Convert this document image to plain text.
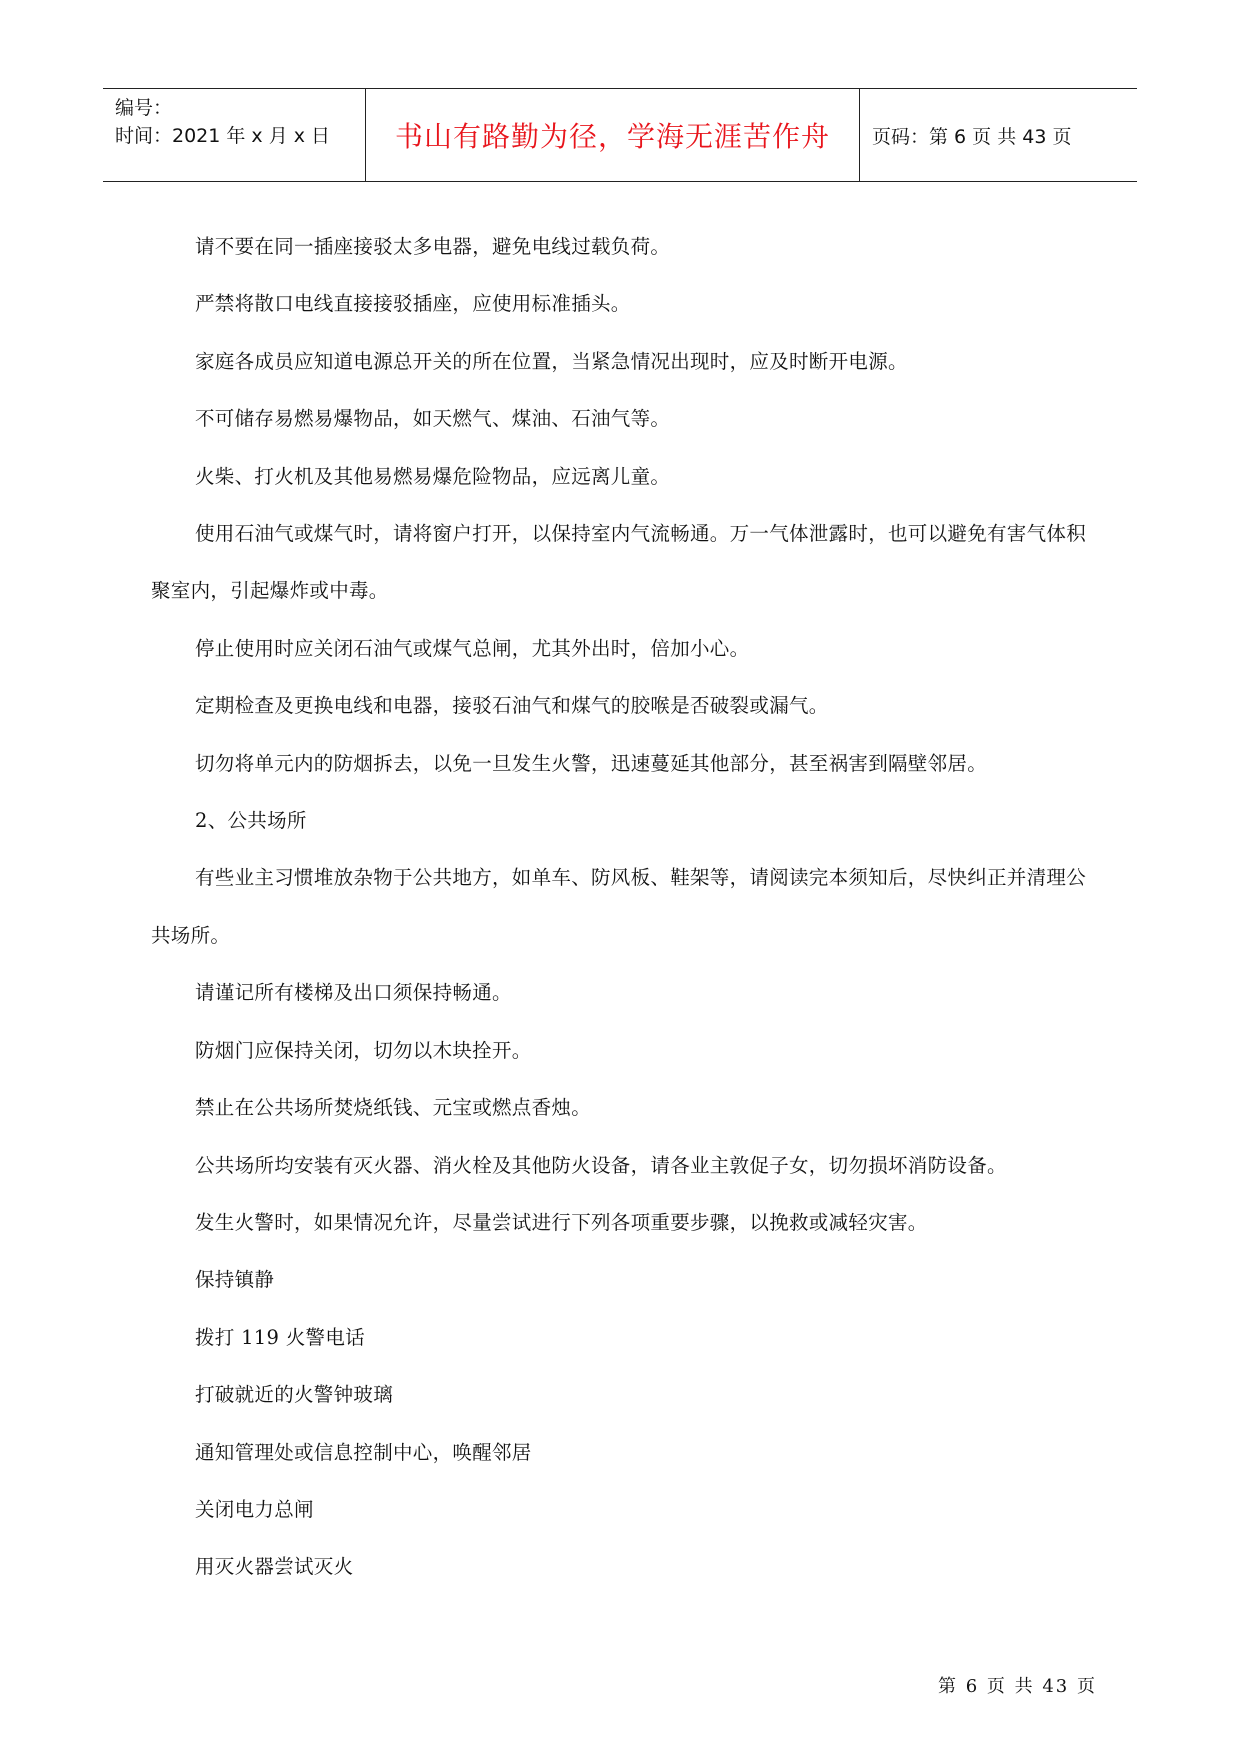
编号：
时间：2021 年 x 月 x 日 书山有路勤为径，学海无涯苦作舟 页码：第 6 页 共 43 页

请不要在同一插座接驳太多电器，避免电线过载负荷。

严禁将散口电线直接接驳插座，应使用标准插头。

家庭各成员应知道电源总开关的所在位置，当紧急情况出现时，应及时断开电源。

不可储存易燃易爆物品，如天燃气、煤油、石油气等。

火柴、打火机及其他易燃易爆危险物品，应远离儿童。

使用石油气或煤气时，请将窗户打开，以保持室内气流畅通。万一气体泄露时，也可以避免有害气体积聚室内，引起爆炸或中毒。

停止使用时应关闭石油气或煤气总闸，尤其外出时，倍加小心。

定期检查及更换电线和电器，接驳石油气和煤气的胶喉是否破裂或漏气。

切勿将单元内的防烟拆去，以免一旦发生火警，迅速蔓延其他部分，甚至祸害到隔壁邻居。

2、公共场所

有些业主习惯堆放杂物于公共地方，如单车、防风板、鞋架等，请阅读完本须知后，尽快纠正并清理公共场所。

请谨记所有楼梯及出口须保持畅通。

防烟门应保持关闭，切勿以木块拴开。

禁止在公共场所焚烧纸钱、元宝或燃点香烛。

公共场所均安装有灭火器、消火栓及其他防火设备，请各业主敦促子女，切勿损坏消防设备。

发生火警时，如果情况允许，尽量尝试进行下列各项重要步骤，以挽救或减轻灾害。

保持镇静

拨打 119 火警电话

打破就近的火警钟玻璃

通知管理处或信息控制中心，唤醒邻居

关闭电力总闸

用灭火器尝试灭火

第 6 页 共 43 页
